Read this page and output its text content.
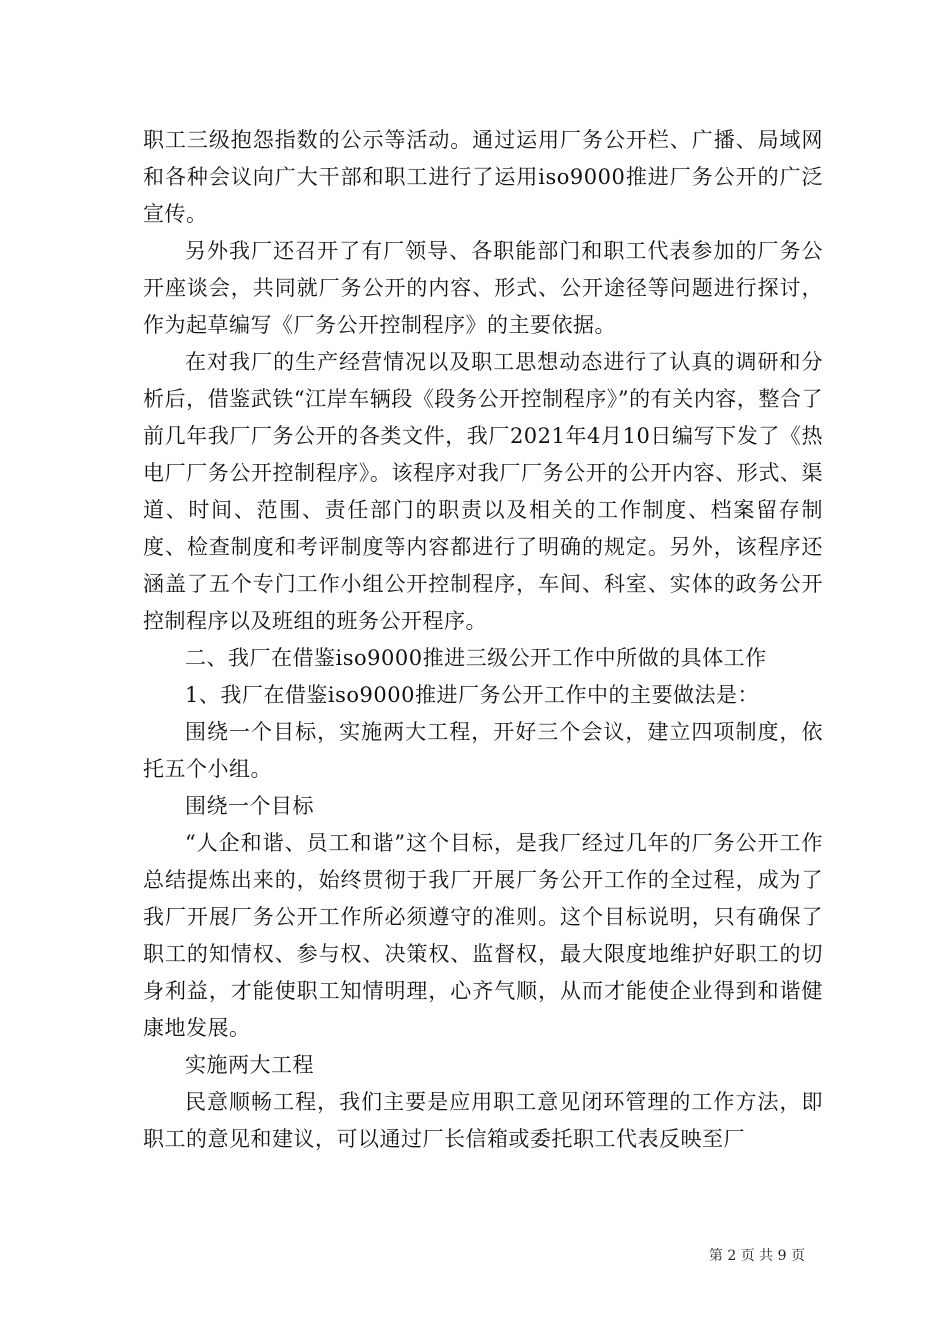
职工三级抱怨指数的公示等活动。通过运用厂务公开栏、广播、局域网和各种会议向广大干部和职工进行了运用iso9000推进厂务公开的广泛宣传。

另外我厂还召开了有厂领导、各职能部门和职工代表参加的厂务公开座谈会，共同就厂务公开的内容、形式、公开途径等问题进行探讨，作为起草编写《厂务公开控制程序》的主要依据。

在对我厂的生产经营情况以及职工思想动态进行了认真的调研和分析后，借鉴武铁“江岸车辆段《段务公开控制程序》”的有关内容，整合了前几年我厂厂务公开的各类文件，我厂2021年4月10日编写下发了《热电厂厂务公开控制程序》。该程序对我厂厂务公开的公开内容、形式、渠道、时间、范围、责任部门的职责以及相关的工作制度、档案留存制度、检查制度和考评制度等内容都进行了明确的规定。另外，该程序还涵盖了五个专门工作小组公开控制程序，车间、科室、实体的政务公开控制程序以及班组的班务公开程序。

二、我厂在借鉴iso9000推进三级公开工作中所做的具体工作

1、我厂在借鉴iso9000推进厂务公开工作中的主要做法是：

围绕一个目标，实施两大工程，开好三个会议，建立四项制度，依托五个小组。

围绕一个目标

“人企和谐、员工和谐”这个目标，是我厂经过几年的厂务公开工作总结提炼出来的，始终贯彻于我厂开展厂务公开工作的全过程，成为了我厂开展厂务公开工作所必须遵守的准则。这个目标说明，只有确保了职工的知情权、参与权、决策权、监督权，最大限度地维护好职工的切身利益，才能使职工知情明理，心齐气顺，从而才能使企业得到和谐健康地发展。

实施两大工程

民意顺畅工程，我们主要是应用职工意见闭环管理的工作方法，即职工的意见和建议，可以通过厂长信箱或委托职工代表反映至厂

第 2 页 共 9 页
